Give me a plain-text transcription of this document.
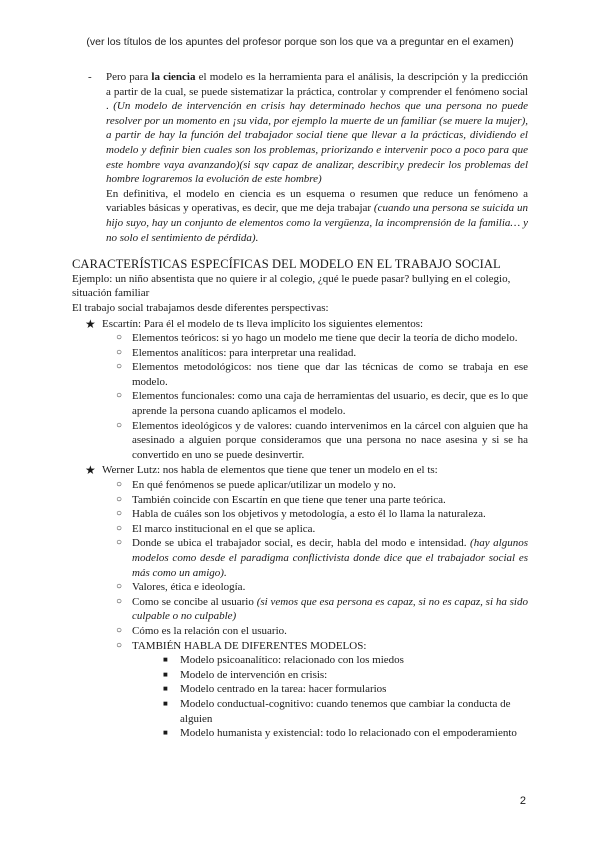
(ver los títulos de los apuntes del profesor porque son los que va a preguntar en el examen)
- Pero para la ciencia el modelo es la herramienta para el análisis, la descripción y la predicción a partir de la cual, se puede sistematizar la práctica, controlar y comprender el fenómeno social . (Un modelo de intervención en crisis hay determinado hechos que una persona no puede resolver por un momento en ¡su vida, por ejemplo la muerte de un familiar (se muere la mujer), a partir de hay la función del trabajador social tiene que llevar a la prácticas, dividiendo el modelo y definir bien cuales son los problemas, priorizando e intervenir poco a poco para que este hombre vaya avanzando)(si sqv capaz de analizar, describir,y predecir los problemas del hombre lograremos la evolución de este hombre)

En definitiva, el modelo en ciencia es un esquema o resumen que reduce un fenómeno a variables básicas y operativas, es decir, que me deja trabajar (cuando una persona se suicida un hijo suyo, hay un conjunto de elementos como la vergüenza, la incomprensión de la familia… y no solo el sentimiento de pérdida).

CARACTERÍSTICAS ESPECÍFICAS DEL MODELO EN EL TRABAJO SOCIAL

Ejemplo: un niño absentista que no quiere ir al colegio, ¿qué le puede pasar? bullying en el colegio, situación familiar

El trabajo social trabajamos desde diferentes perspectivas:

★ Escartín: Para él el modelo de ts lleva implícito los siguientes elementos:

○ Elementos teóricos: si yo hago un modelo me tiene que decir la teoría de dicho modelo.
○ Elementos analíticos: para interpretar una realidad.
○ Elementos metodológicos: nos tiene que dar las técnicas de como se trabaja en ese modelo.
○ Elementos funcionales: como una caja de herramientas del usuario, es decir, que es lo que aprende la persona cuando aplicamos el modelo.
○ Elementos ideológicos y de valores: cuando intervenimos en la cárcel con alguien que ha asesinado a alguien porque consideramos que una persona no nace asesina y si se ha convertido en uno se puede desinvertir.
★ Werner Lutz: nos habla de elementos que tiene que tener un modelo en el ts:

○ En qué fenómenos se puede aplicar/utilizar un modelo y no.
○ También coincide con Escartín en que tiene que tener una parte teórica.
○ Habla de cuáles son los objetivos y metodología, a esto él lo llama la naturaleza.
○ El marco institucional en el que se aplica.
○ Donde se ubica el trabajador social, es decir, habla del modo e intensidad. (hay algunos modelos como desde el paradigma conflictivista donde dice que el trabajador social es más como un amigo).
○ Valores, ética e ideología.
○ Como se concibe al usuario (si vemos que esa persona es capaz, si no es capaz, si ha sido culpable o no culpable)
○ Cómo es la relación con el usuario.
○ TAMBIÉN HABLA DE DIFERENTES MODELOS:
■ Modelo psicoanalítico: relacionado con los miedos
■ Modelo de intervención en crisis:
■ Modelo centrado en la tarea: hacer formularios
■ Modelo conductual-cognitivo: cuando tenemos que cambiar la conducta de alguien
■ Modelo humanista y existencial: todo lo relacionado con el empoderamiento
2
